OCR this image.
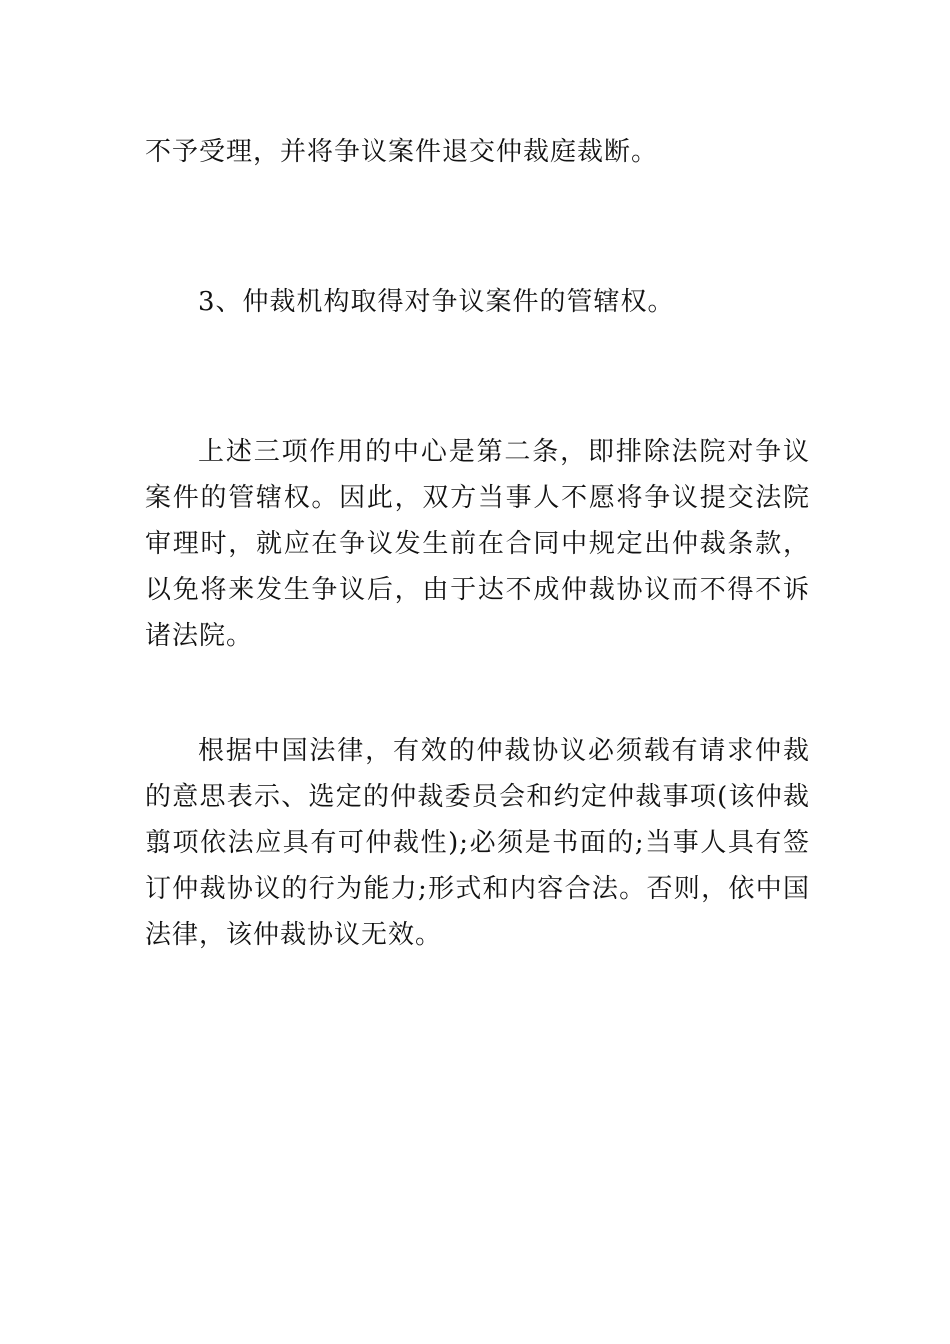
不予受理，并将争议案件退交仲裁庭裁断。

3、仲裁机构取得对争议案件的管辖权。

上述三项作用的中心是第二条，即排除法院对争议案件的管辖权。因此，双方当事人不愿将争议提交法院审理时，就应在争议发生前在合同中规定出仲裁条款，以免将来发生争议后，由于达不成仲裁协议而不得不诉诸法院。

根据中国法律，有效的仲裁协议必须载有请求仲裁的意思表示、选定的仲裁委员会和约定仲裁事项(该仲裁翦项依法应具有可仲裁性);必须是书面的;当事人具有签订仲裁协议的行为能力;形式和内容合法。否则，依中国法律，该仲裁协议无效。
